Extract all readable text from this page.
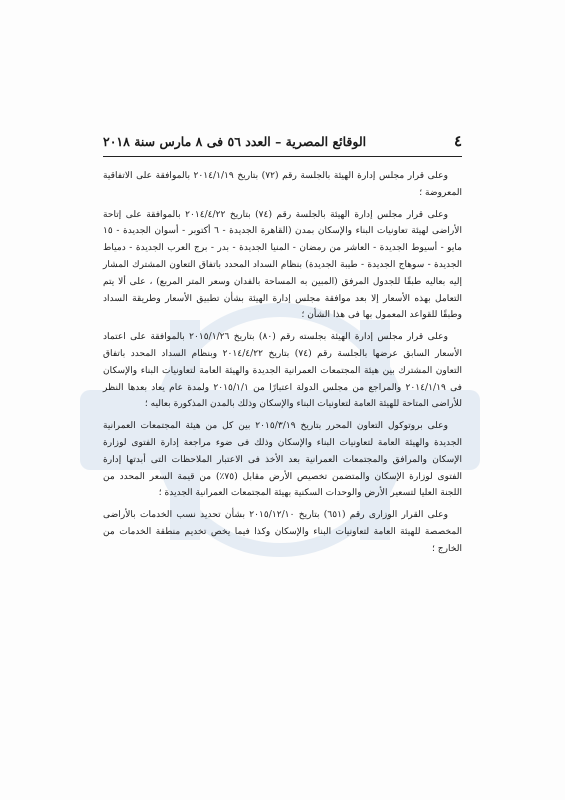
٤
الوقائع المصرية – العدد ٥٦ فى ٨ مارس سنة ٢٠١٨

وعلى قرار مجلس إدارة الهيئة بالجلسة رقم (٧٢) بتاريخ ٢٠١٤/١/١٩ بالموافقة على الاتفاقية المعروضة ؛

وعلى قرار مجلس إدارة الهيئة بالجلسة رقم (٧٤) بتاريخ ٢٠١٤/٤/٢٢ بالموافقة على إتاحة الأراضى لهيئة تعاونيات البناء والإسكان بمدن (القاهرة الجديدة - ٦ أكتوبر - أسوان الجديدة - ١٥ مايو - أسيوط الجديدة - العاشر من رمضان - المنيا الجديدة - بدر - برج العرب الجديدة - دمياط الجديدة - سوهاج الجديدة - طيبة الجديدة) بنظام السداد المحدد باتفاق التعاون المشترك المشار إليه بعاليه طبقًا للجدول المرفق (المبين به المساحة بالفدان وسعر المتر المربع) ، على ألا يتم التعامل بهذه الأسعار إلا بعد موافقة مجلس إدارة الهيئة بشأن تطبيق الأسعار وطريقة السداد وطبقًا للقواعد المعمول بها فى هذا الشأن ؛

وعلى قرار مجلس إدارة الهيئة بجلسته رقم (٨٠) بتاريخ ٢٠١٥/١/٢٦ بالموافقة على اعتماد الأسعار السابق عرضها بالجلسة رقم (٧٤) بتاريخ ٢٠١٤/٤/٢٢ وبنظام السداد المحدد باتفاق التعاون المشترك بين هيئة المجتمعات العمرانية الجديدة والهيئة العامة لتعاونيات البناء والإسكان فى ٢٠١٤/١/١٩ والمراجع من مجلس الدولة اعتبارًا من ٢٠١٥/١/١ ولمدة عام يعاد بعدها النظر للأراضى المتاحة للهيئة العامة لتعاونيات البناء والإسكان وذلك بالمدن المذكورة بعاليه ؛

وعلى بروتوكول التعاون المحرر بتاريخ ٢٠١٥/٣/١٩ بين كل من هيئة المجتمعات العمرانية الجديدة والهيئة العامة لتعاونيات البناء والإسكان وذلك فى ضوء مراجعة إدارة الفتوى لوزارة الإسكان والمرافق والمجتمعات العمرانية بعد الأخذ فى الاعتبار الملاحظات التى أبدتها إدارة الفتوى لوزارة الإسكان والمتضمن تخصيص الأرض مقابل (٧٥٪) من قيمة السعر المحدد من اللجنة العليا لتسعير الأرض والوحدات السكنية بهيئة المجتمعات العمرانية الجديدة ؛

وعلى القرار الوزارى رقم (٦٥١) بتاريخ ٢٠١٥/١٢/١٠ بشأن تحديد نسب الخدمات بالأراضى المخصصة للهيئة العامة لتعاونيات البناء والإسكان وكذا فيما يخص تخديم منطقة الخدمات من الخارج ؛
